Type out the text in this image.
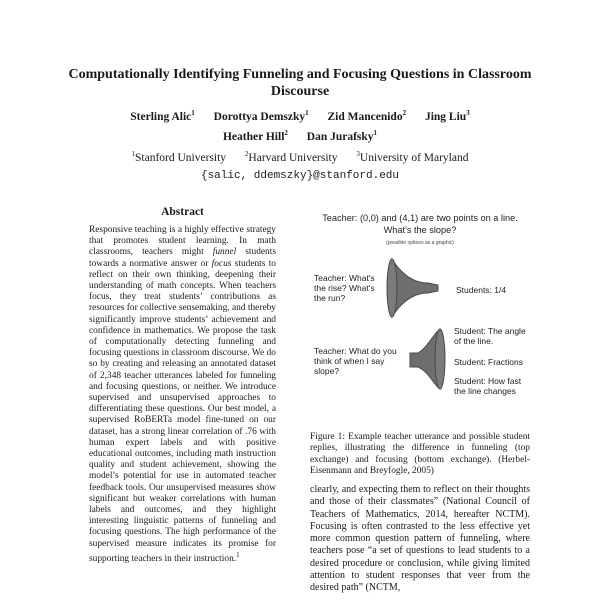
Computationally Identifying Funneling and Focusing Questions in Classroom Discourse
Sterling Alic$^1$ Dorottya Demszky$^1$ Zid Mancenido$^2$ Jing Liu$^3$
Heather Hill$^2$ Dan Jurafsky$^1$
$^1$Stanford University	$^2$Harvard University	$^3$University of Maryland
{salic, ddemszky}@stanford.edu
Abstract
Responsive teaching is a highly effective strategy that promotes student learning. In math classrooms, teachers might funnel students towards a normative answer or focus students to reflect on their own thinking, deepening their understanding of math concepts. When teachers focus, they treat students’ contributions as resources for collective sensemaking, and thereby significantly improve students’ achievement and confidence in mathematics. We propose the task of computationally detecting funneling and focusing questions in classroom discourse. We do so by creating and releasing an annotated dataset of 2,348 teacher utterances labeled for funneling and focusing questions, or neither. We introduce supervised and unsupervised approaches to differentiating these questions. Our best model, a supervised RoBERTa model fine-tuned on our dataset, has a strong linear correlation of .76 with human expert labels and with positive educational outcomes, including math instruction quality and student achievement, showing the model’s potential for use in automated teacher feedback tools. Our unsupervised measures show significant but weaker correlations with human labels and outcomes, and they highlight interesting linguistic patterns of funneling and focusing questions. The high performance of the supervised measure indicates its promise for supporting teachers in their instruction.$^1$
Teacher: (0,0) and (4,1) are two points on a line. What's the slope?
(possible options as a graphic)
Teacher: What's the rise? What's the run?
Students: 1/4
Teacher: What do you think of when I say slope?
Student: The angle of the line.
Student: Fractions
Student: How fast the line changes
Figure 1: Example teacher utterance and possible student replies, illustrating the difference in funneling (top exchange) and focusing (bottom exchange). (Herbel-Eisenmann and Breyfogle, 2005)
clearly, and expecting them to reflect on their thoughts and those of their classmates” (National Council of Teachers of Mathematics, 2014, hereafter NCTM). Focusing is often contrasted to the less effective yet more common question pattern of funneling, where teachers pose “a set of questions to lead students to a desired procedure or conclusion, while giving limited attention to student responses that veer from the desired path” (NCTM,
